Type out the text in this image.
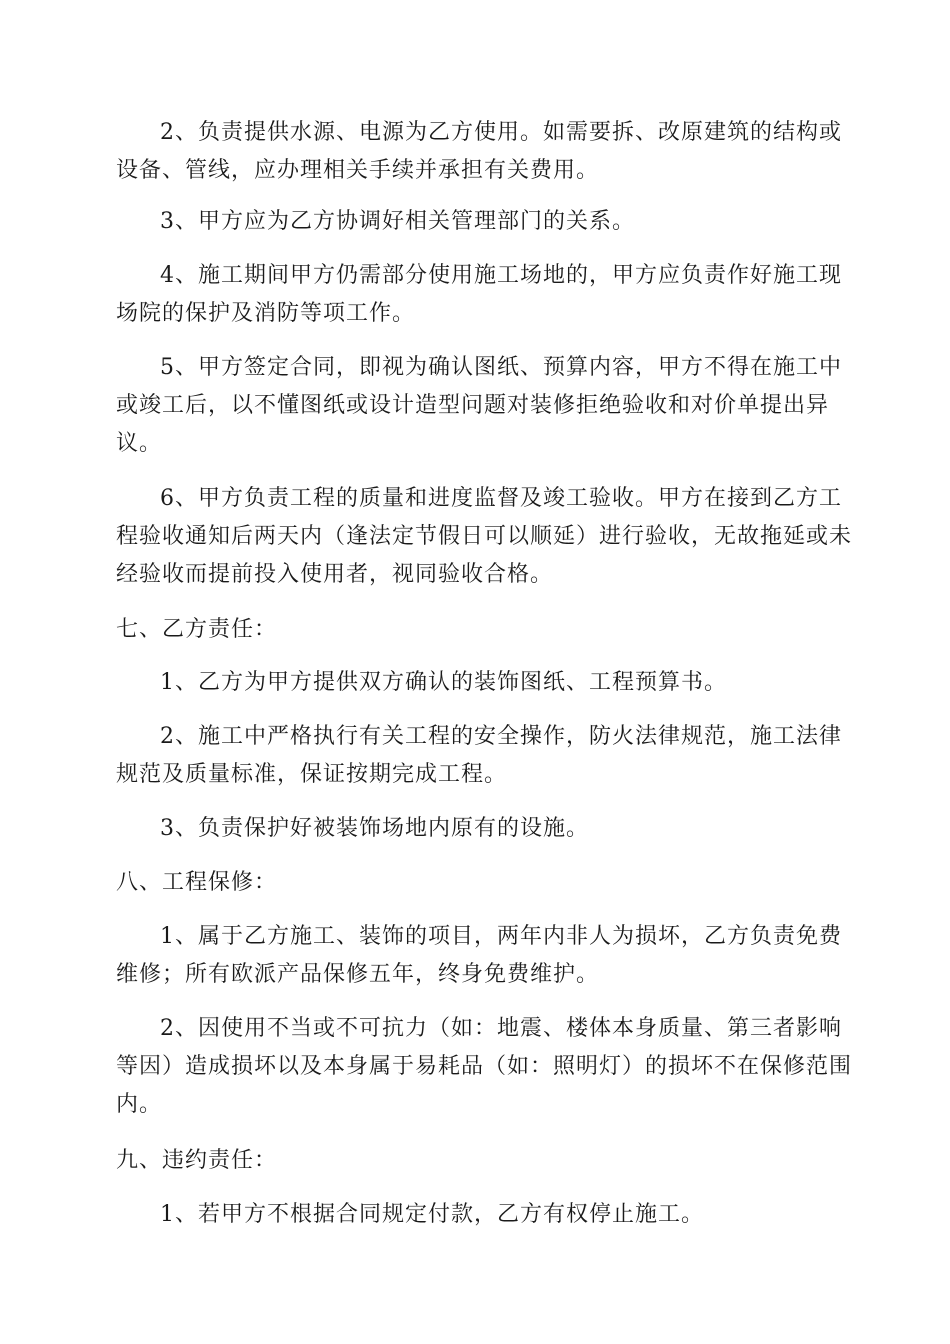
2、负责提供水源、电源为乙方使用。如需要拆、改原建筑的结构或
设备、管线，应办理相关手续并承担有关费用。

3、甲方应为乙方协调好相关管理部门的关系。

4、施工期间甲方仍需部分使用施工场地的，甲方应负责作好施工现
场院的保护及消防等项工作。

5、甲方签定合同，即视为确认图纸、预算内容，甲方不得在施工中
或竣工后，以不懂图纸或设计造型问题对装修拒绝验收和对价单提出异
议。

6、甲方负责工程的质量和进度监督及竣工验收。甲方在接到乙方工
程验收通知后两天内（逢法定节假日可以顺延）进行验收，无故拖延或未
经验收而提前投入使用者，视同验收合格。

七、乙方责任：

1、乙方为甲方提供双方确认的装饰图纸、工程预算书。

2、施工中严格执行有关工程的安全操作，防火法律规范，施工法律
规范及质量标准，保证按期完成工程。

3、负责保护好被装饰场地内原有的设施。

八、工程保修：

1、属于乙方施工、装饰的项目，两年内非人为损坏，乙方负责免费
维修；所有欧派产品保修五年，终身免费维护。

2、因使用不当或不可抗力（如：地震、楼体本身质量、第三者影响
等因）造成损坏以及本身属于易耗品（如：照明灯）的损坏不在保修范围
内。

九、违约责任：

1、若甲方不根据合同规定付款，乙方有权停止施工。
